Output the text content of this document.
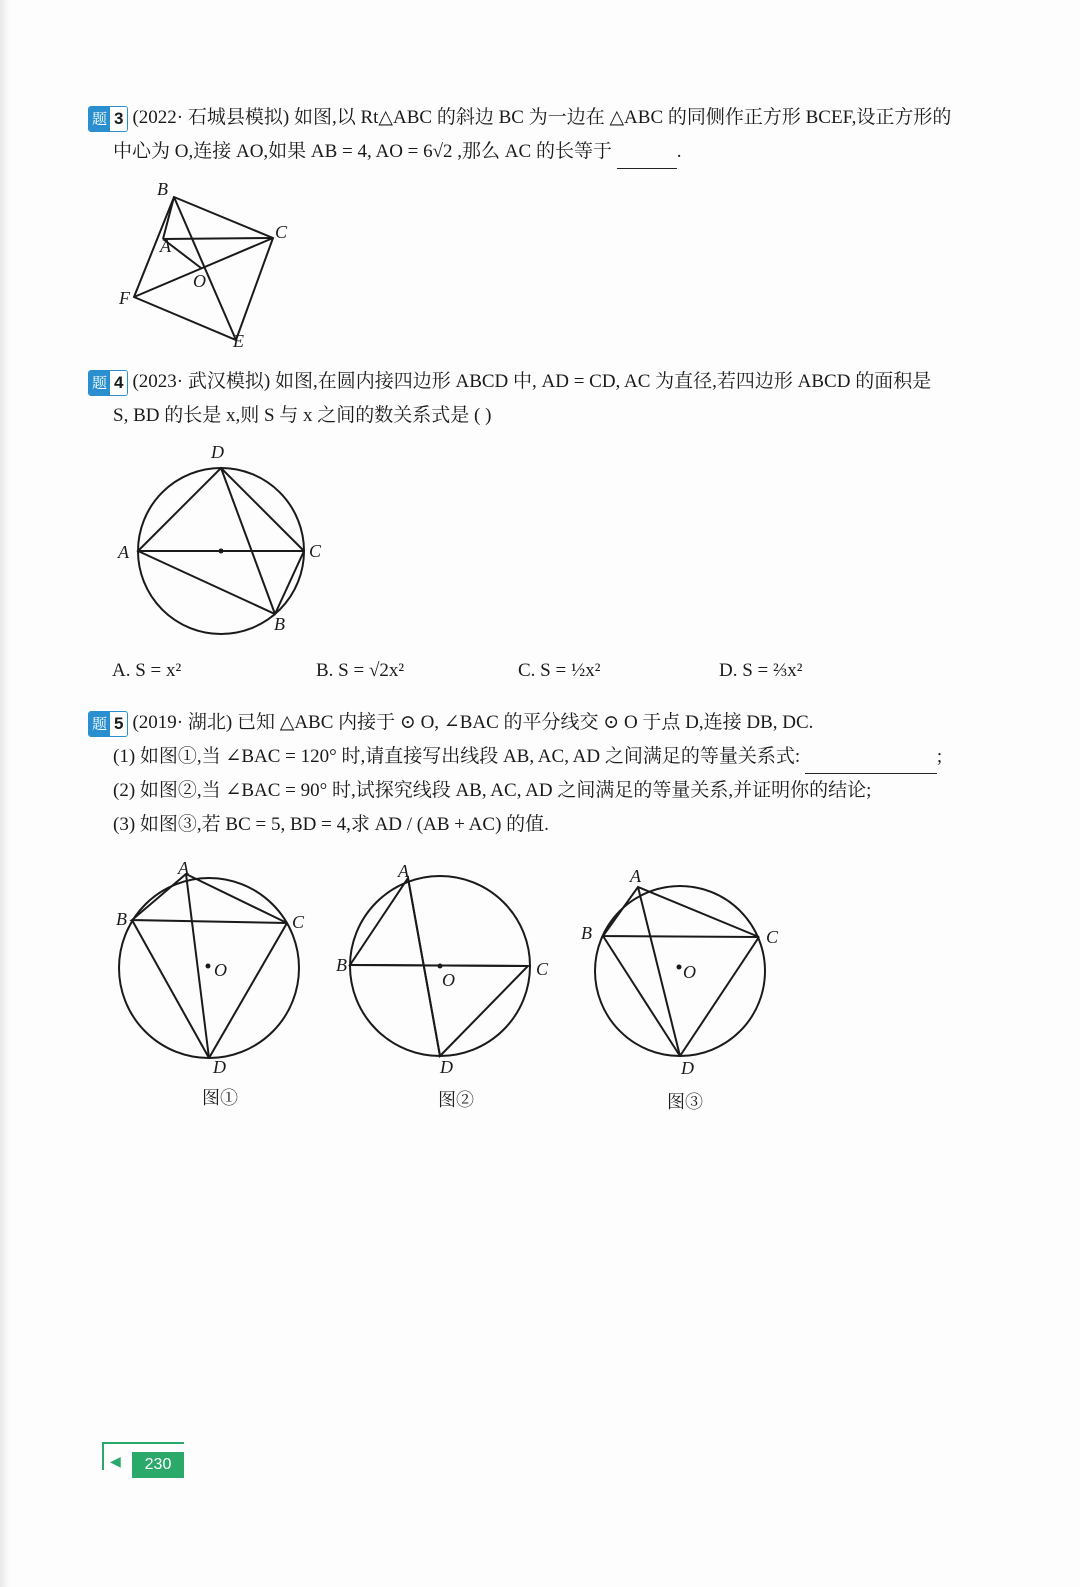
题 3 (2022· 石城县模拟) 如图,以 Rt△ABC 的斜边 BC 为一边在 △ABC 的同侧作正方形 BCEF,设正方形的
中心为 O,连接 AO,如果 AB = 4, AO = 6√2 ,那么 AC 的长等于	.
B
A
C
O
F
E
题 4 (2023· 武汉模拟) 如图,在圆内接四边形 ABCD 中, AD = CD, AC 为直径,若四边形 ABCD 的面积是
S, BD 的长是 x,则 S 与 x 之间的数关系式是 ( )
D
A	C
B
A. S = x²	B. S = √2x²	C. S = ½x²	D. S = ⅔x²
题 5 (2019· 湖北) 已知 △ABC 内接于 ⊙ O, ∠BAC 的平分线交 ⊙ O 于点 D,连接 DB, DC.
(1) 如图①,当 ∠BAC = 120° 时,请直接写出线段 AB, AC, AD 之间满足的等量关系式:	;
(2) 如图②,当 ∠BAC = 90° 时,试探究线段 AB, AC, AD 之间满足的等量关系,并证明你的结论;
(3) 如图③,若 BC = 5, BD = 4,求 AD / (AB + AC) 的值.
A
B	C
O
D
图①
A
B	C
O
D
图②
A
B	C
O
D
图③
◀	230
